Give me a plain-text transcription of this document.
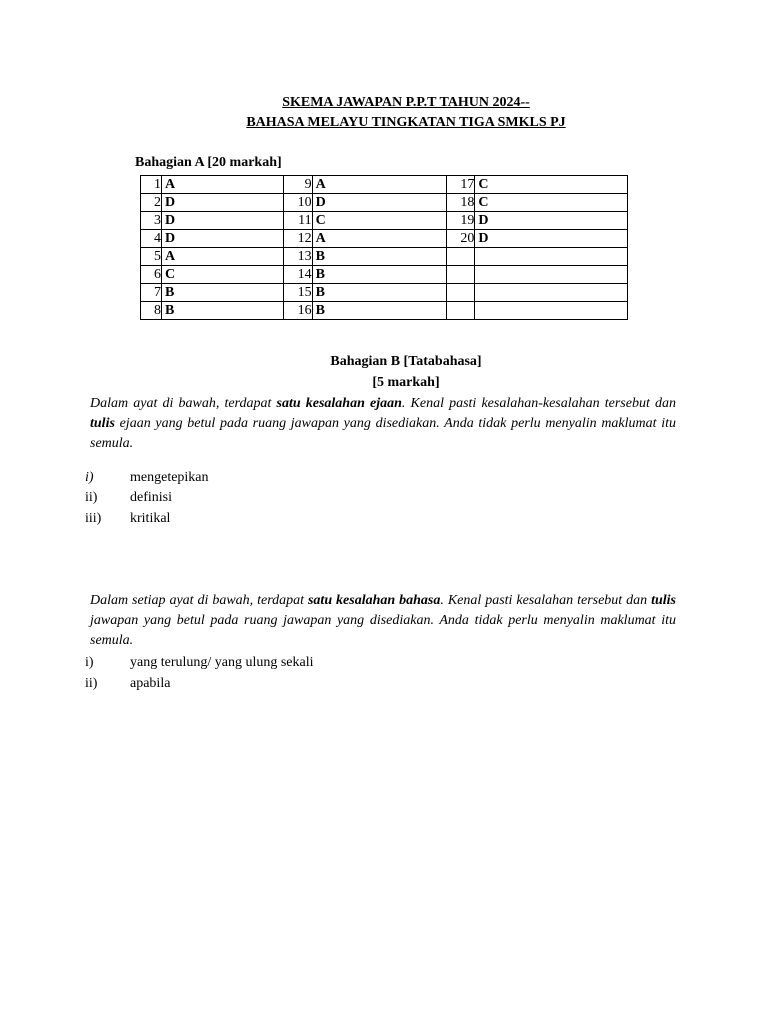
SKEMA JAWAPAN P.P.T TAHUN 2024--
BAHASA MELAYU TINGKATAN TIGA SMKLS PJ
Bahagian A [20 markah]
1	A	9	A	17	C
2	D	10	D	18	C
3	D	11	C	19	D
4	D	12	A	20	D
5	A	13	B		
6	C	14	B		
7	B	15	B		
8	B	16	B		
Bahagian B [Tatabahasa]
[5 markah]
Dalam ayat di bawah, terdapat satu kesalahan ejaan. Kenal pasti kesalahan-kesalahan tersebut dan tulis ejaan yang betul pada ruang jawapan yang disediakan. Anda tidak perlu menyalin maklumat itu semula.
i)	mengetepikan
ii) definisi
iii) kritikal
Dalam setiap ayat di bawah, terdapat satu kesalahan bahasa. Kenal pasti kesalahan tersebut dan tulis jawapan yang betul pada ruang jawapan yang disediakan. Anda tidak perlu menyalin maklumat itu semula.
i)	yang terulung/ yang ulung sekali
ii) apabila
